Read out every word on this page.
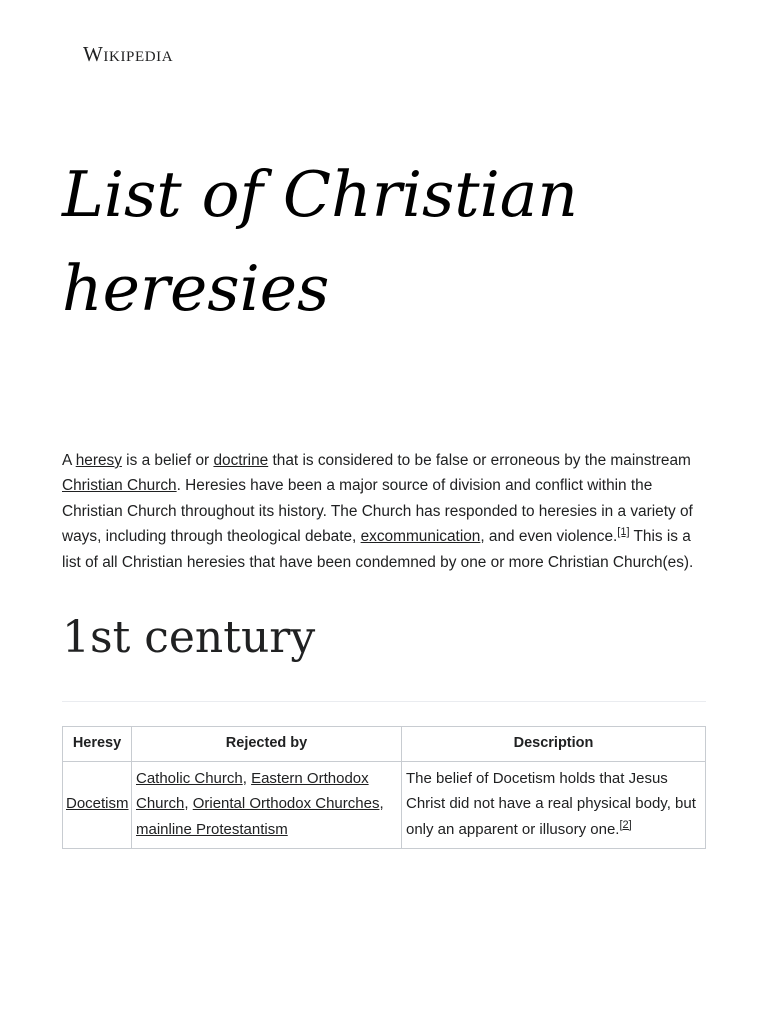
Wikipedia
List of Christian heresies

A heresy is a belief or doctrine that is considered to be false or erroneous by the mainstream Christian Church. Heresies have been a major source of division and conflict within the Christian Church throughout its history. The Church has responded to heresies in a variety of ways, including through theological debate, excommunication, and even violence.[1] This is a list of all Christian heresies that have been condemned by one or more Christian Church(es).

1st century
Heresy	Rejected by	Description
Docetism	Catholic Church, Eastern Orthodox Church, Oriental Orthodox Churches, mainline Protestantism	The belief of Docetism holds that Jesus Christ did not have a real physical body, but only an apparent or illusory one.[2]
